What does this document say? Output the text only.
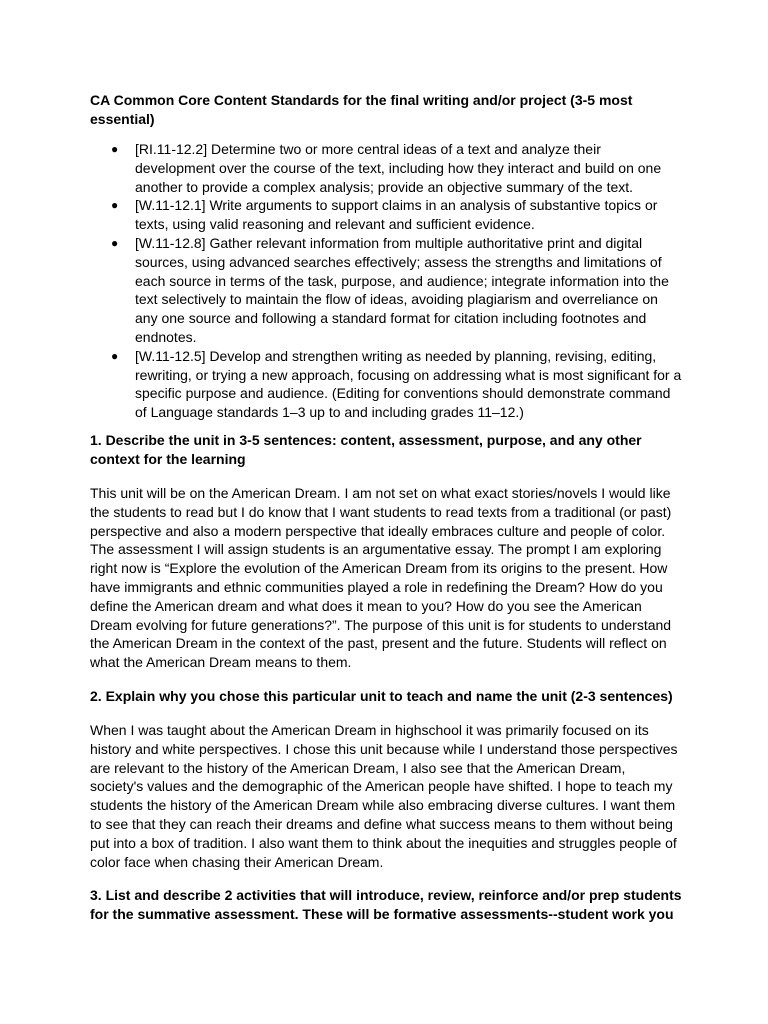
CA Common Core Content Standards for the final writing and/or project (3-5 most essential)

● [RI.11-12.2] Determine two or more central ideas of a text and analyze their development over the course of the text, including how they interact and build on one another to provide a complex analysis; provide an objective summary of the text.
● [W.11-12.1] Write arguments to support claims in an analysis of substantive topics or texts, using valid reasoning and relevant and sufficient evidence.
● [W.11-12.8] Gather relevant information from multiple authoritative print and digital sources, using advanced searches effectively; assess the strengths and limitations of each source in terms of the task, purpose, and audience; integrate information into the text selectively to maintain the flow of ideas, avoiding plagiarism and overreliance on any one source and following a standard format for citation including footnotes and endnotes.
● [W.11-12.5] Develop and strengthen writing as needed by planning, revising, editing, rewriting, or trying a new approach, focusing on addressing what is most significant for a specific purpose and audience. (Editing for conventions should demonstrate command of Language standards 1–3 up to and including grades 11–12.)

1. Describe the unit in 3-5 sentences: content, assessment, purpose, and any other context for the learning

This unit will be on the American Dream. I am not set on what exact stories/novels I would like the students to read but I do know that I want students to read texts from a traditional (or past) perspective and also a modern perspective that ideally embraces culture and people of color. The assessment I will assign students is an argumentative essay. The prompt I am exploring right now is “Explore the evolution of the American Dream from its origins to the present. How have immigrants and ethnic communities played a role in redefining the Dream? How do you define the American dream and what does it mean to you? How do you see the American Dream evolving for future generations?”. The purpose of this unit is for students to understand the American Dream in the context of the past, present and the future. Students will reflect on what the American Dream means to them.

2. Explain why you chose this particular unit to teach and name the unit (2-3 sentences)

When I was taught about the American Dream in highschool it was primarily focused on its history and white perspectives. I chose this unit because while I understand those perspectives are relevant to the history of the American Dream, I also see that the American Dream, society's values and the demographic of the American people have shifted. I hope to teach my students the history of the American Dream while also embracing diverse cultures. I want them to see that they can reach their dreams and define what success means to them without being put into a box of tradition. I also want them to think about the inequities and struggles people of color face when chasing their American Dream.

3. List and describe 2 activities that will introduce, review, reinforce and/or prep students for the summative assessment. These will be formative assessments--student work you
